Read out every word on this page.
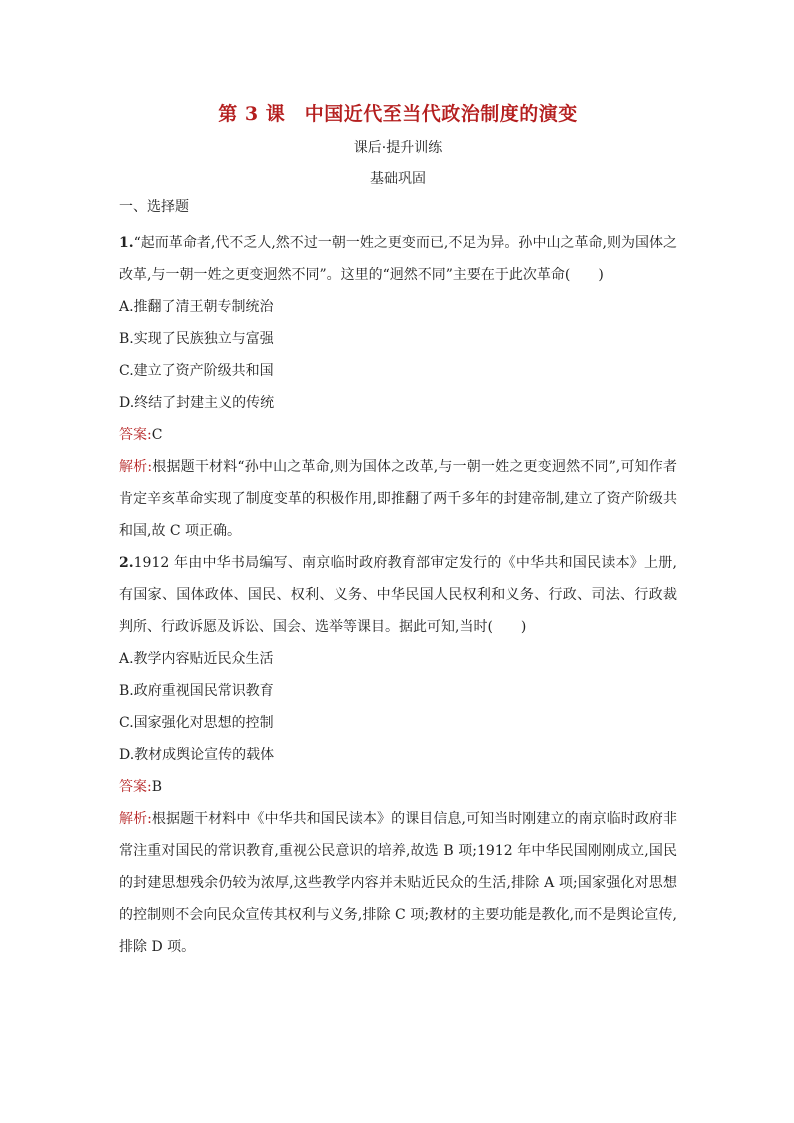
第 3 课　中国近代至当代政治制度的演变
课后·提升训练
基础巩固
一、选择题

1.“起而革命者,代不乏人,然不过一朝一姓之更变而已,不足为异。孙中山之革命,则为国体之改革,与一朝一姓之更变迥然不同”。这里的“迥然不同”主要在于此次革命(　　)

A.推翻了清王朝专制统治

B.实现了民族独立与富强

C.建立了资产阶级共和国

D.终结了封建主义的传统

答案:C

解析:根据题干材料“孙中山之革命,则为国体之改革,与一朝一姓之更变迥然不同”,可知作者肯定辛亥革命实现了制度变革的积极作用,即推翻了两千多年的封建帝制,建立了资产阶级共和国,故 C 项正确。

2.1912 年由中华书局编写、南京临时政府教育部审定发行的《中华共和国民读本》上册,有国家、国体政体、国民、权利、义务、中华民国人民权利和义务、行政、司法、行政裁判所、行政诉愿及诉讼、国会、选举等课目。据此可知,当时(　　)

A.教学内容贴近民众生活

B.政府重视国民常识教育

C.国家强化对思想的控制

D.教材成舆论宣传的载体

答案:B

解析:根据题干材料中《中华共和国民读本》的课目信息,可知当时刚建立的南京临时政府非常注重对国民的常识教育,重视公民意识的培养,故选 B 项;1912 年中华民国刚刚成立,国民的封建思想残余仍较为浓厚,这些教学内容并未贴近民众的生活,排除 A 项;国家强化对思想的控制则不会向民众宣传其权利与义务,排除 C 项;教材的主要功能是教化,而不是舆论宣传,排除 D 项。
